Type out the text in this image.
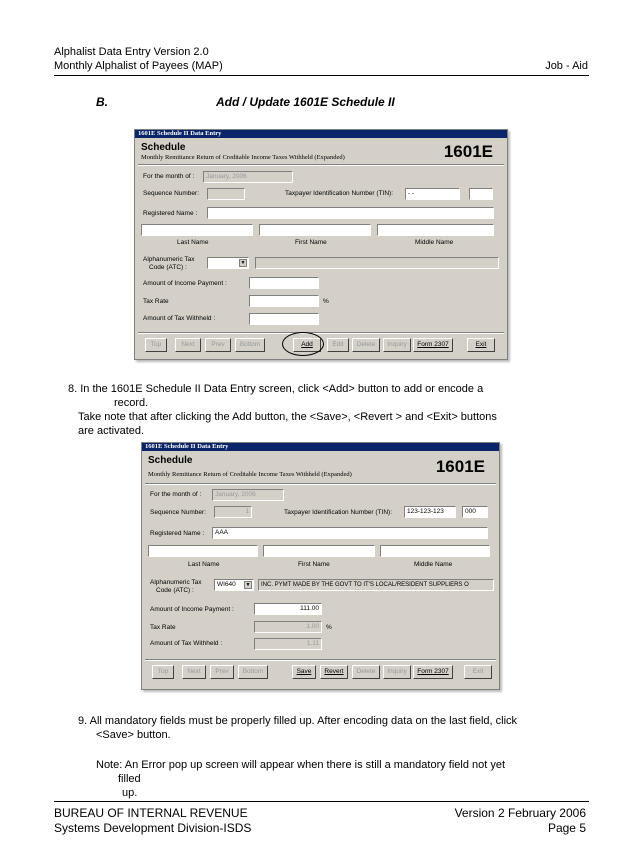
Alphalist Data Entry Version 2.0
Monthly Alphalist of Payees (MAP)	Job - Aid
B.	Add / Update 1601E Schedule II
1601E Schedule II Data Entry
Schedule
Monthly Remittance Return of Creditable Income Taxes Withheld (Expanded)	1601E
For the month of :	January, 2006
Sequence Number:	Taxpayer Identification Number (TIN):	- -
Registered Name :
Last Name	First Name	Middle Name
Alphanumeric Tax
Code (ATC) :
▼
Amount of Income Payment :
Tax Rate	%
Amount of Tax Withheld :
Top	Next	Prev	Bottom	Add	Edit	Delete	Inquiry	Form 2307	Exit
8. In the 1601E Schedule II Data Entry screen, click <Add> button to add or encode a
record.
Take note that after clicking the Add button, the <Save>, <Revert > and <Exit> buttons
are activated.
1601E Schedule II Data Entry
Schedule
Monthly Remittance Return of Creditable Income Taxes Withheld (Expanded)	1601E
For the month of :	January, 2006
Sequence Number:	1	Taxpayer Identification Number (TIN):	123-123-123	000
Registered Name :	AAA
Last Name	First Name	Middle Name
Alphanumeric Tax
Code (ATC) :
WI640	▼	INC. PYMT MADE BY THE GOVT TO IT'S LOCAL/RESIDENT SUPPLIERS O
Amount of Income Payment :	111.00
Tax Rate	1.00	%
Amount of Tax Withheld :	1.11
Top	Next	Prev	Bottom	Save	Revert	Delete	Inquiry	Form 2307	Exit
9. All mandatory fields must be properly filled up. After encoding data on the last field, click
<Save> button.
Note: An Error pop up screen will appear when there is still a mandatory field not yet
filled
up.
BUREAU OF INTERNAL REVENUE
Systems Development Division-ISDS
Version 2 February 2006
Page 5
